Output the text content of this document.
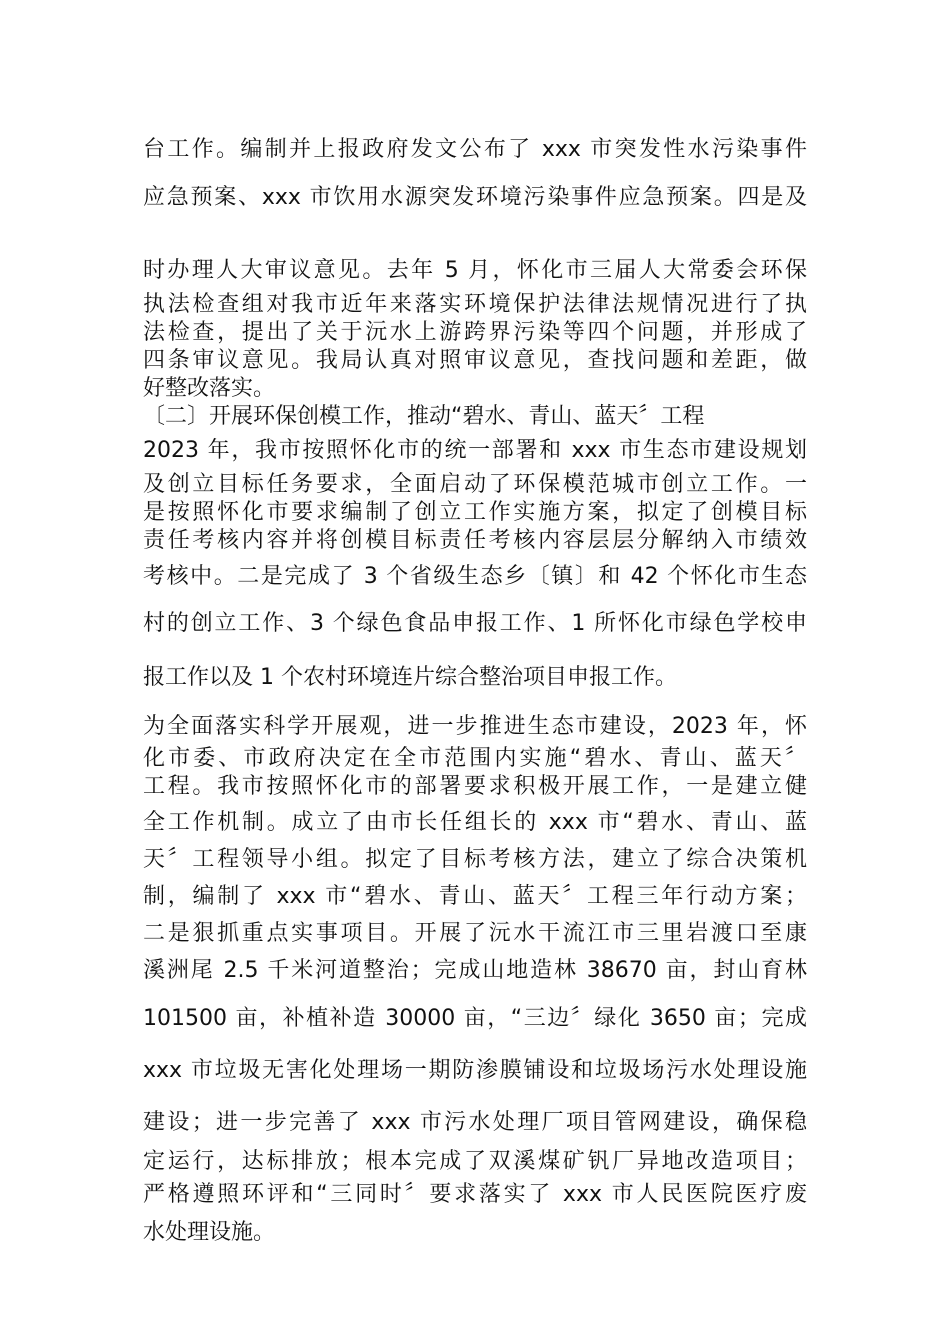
台工作。编制并上报政府发文公布了 xxx 市突发性水污染事件
应急预案、xxx 市饮用水源突发环境污染事件应急预案。四是及
时办理人大审议意见。去年 5 月，怀化市三届人大常委会环保
执法检查组对我市近年来落实环境保护法律法规情况进行了执
法检查，提出了关于沅水上游跨界污染等四个问题，并形成了
四条审议意见。我局认真对照审议意见，查找问题和差距，做
好整改落实。
〔二〕开展环保创模工作，推动“碧水、青山、蓝天〞工程
2023 年，我市按照怀化市的统一部署和 xxx 市生态市建设规划
及创立目标任务要求，全面启动了环保模范城市创立工作。一
是按照怀化市要求编制了创立工作实施方案，拟定了创模目标
责任考核内容并将创模目标责任考核内容层层分解纳入市绩效
考核中。二是完成了 3 个省级生态乡〔镇〕和 42 个怀化市生态
村的创立工作、3 个绿色食品申报工作、1 所怀化市绿色学校申
报工作以及 1 个农村环境连片综合整治项目申报工作。
为全面落实科学开展观，进一步推进生态市建设，2023 年，怀
化市委、市政府决定在全市范围内实施“碧水、青山、蓝天〞
工程。我市按照怀化市的部署要求积极开展工作，一是建立健
全工作机制。成立了由市长任组长的 xxx 市“碧水、青山、蓝
天〞工程领导小组。拟定了目标考核方法，建立了综合决策机
制，编制了 xxx 市“碧水、青山、蓝天〞工程三年行动方案；
二是狠抓重点实事项目。开展了沅水干流江市三里岩渡口至康
溪洲尾 2.5 千米河道整治；完成山地造林 38670 亩，封山育林
101500 亩，补植补造 30000 亩，“三边〞绿化 3650 亩；完成
xxx 市垃圾无害化处理场一期防渗膜铺设和垃圾场污水处理设施
建设；进一步完善了 xxx 市污水处理厂项目管网建设，确保稳
定运行，达标排放；根本完成了双溪煤矿钒厂异地改造项目；
严格遵照环评和“三同时〞要求落实了 xxx 市人民医院医疗废
水处理设施。
